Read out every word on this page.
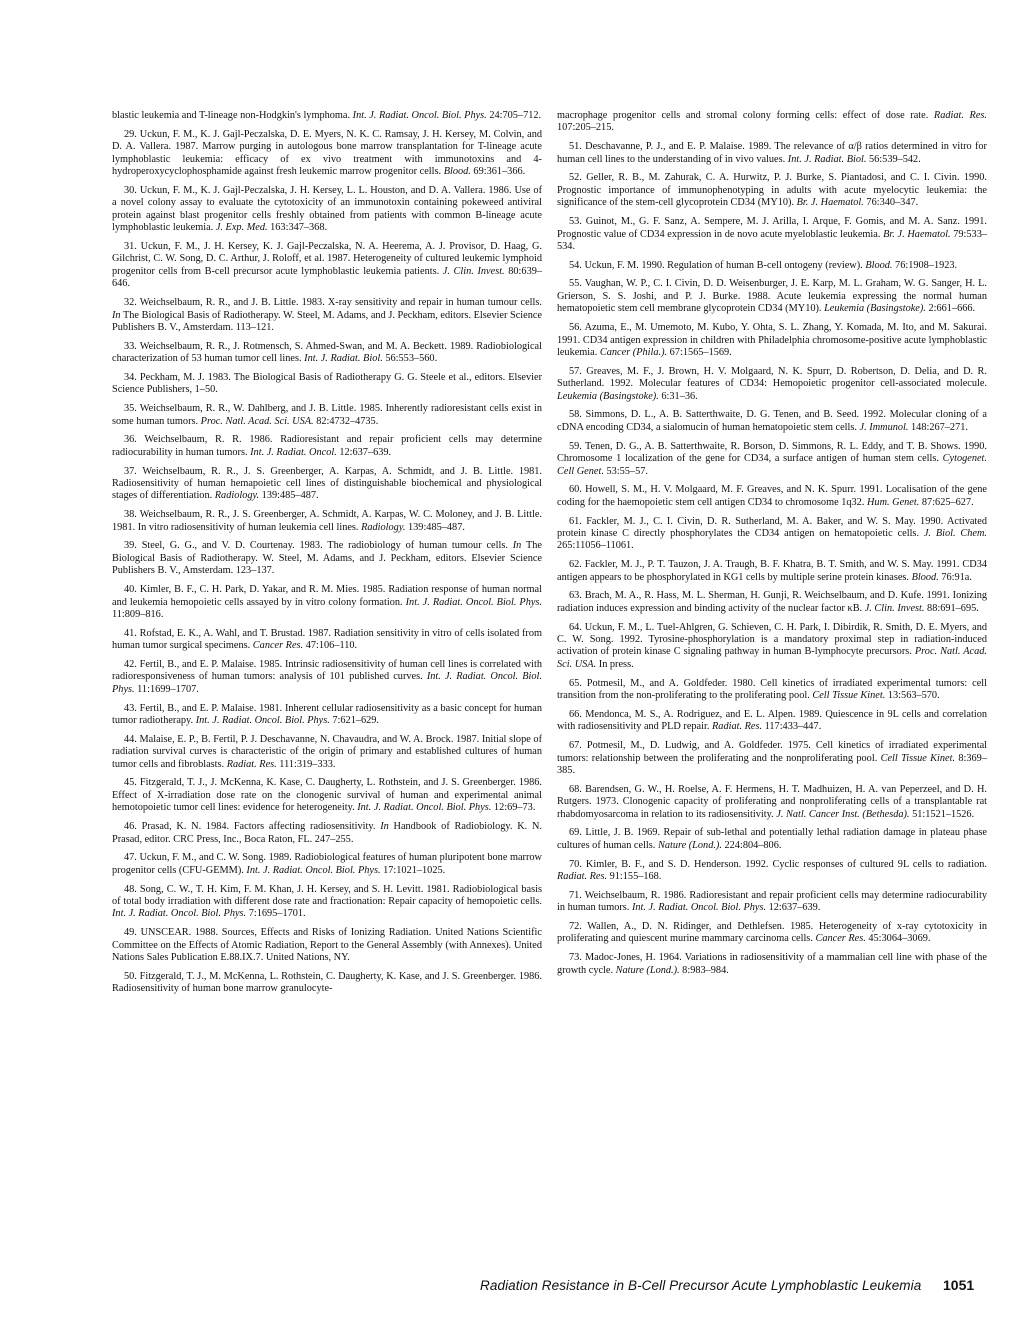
blastic leukemia and T-lineage non-Hodgkin's lymphoma. Int. J. Radiat. Oncol. Biol. Phys. 24:705–712.

29. Uckun, F. M., K. J. Gajl-Peczalska, D. E. Myers, N. K. C. Ramsay, J. H. Kersey, M. Colvin, and D. A. Vallera. 1987. Marrow purging in autologous bone marrow transplantation for T-lineage acute lymphoblastic leukemia: efficacy of ex vivo treatment with immunotoxins and 4-hydroperoxycyclophosphamide against fresh leukemic marrow progenitor cells. Blood. 69:361–366.

30. Uckun, F. M., K. J. Gajl-Peczalska, J. H. Kersey, L. L. Houston, and D. A. Vallera. 1986. Use of a novel colony assay to evaluate the cytotoxicity of an immunotoxin containing pokeweed antiviral protein against blast progenitor cells freshly obtained from patients with common B-lineage acute lymphoblastic leukemia. J. Exp. Med. 163:347–368.

31. Uckun, F. M., J. H. Kersey, K. J. Gajl-Peczalska, N. A. Heerema, A. J. Provisor, D. Haag, G. Gilchrist, C. W. Song, D. C. Arthur, J. Roloff, et al. 1987. Heterogeneity of cultured leukemic lymphoid progenitor cells from B-cell precursor acute lymphoblastic leukemia patients. J. Clin. Invest. 80:639–646.

32. Weichselbaum, R. R., and J. B. Little. 1983. X-ray sensitivity and repair in human tumour cells. In The Biological Basis of Radiotherapy. W. Steel, M. Adams, and J. Peckham, editors. Elsevier Science Publishers B. V., Amsterdam. 113–121.

33. Weichselbaum, R. R., J. Rotmensch, S. Ahmed-Swan, and M. A. Beckett. 1989. Radiobiological characterization of 53 human tumor cell lines. Int. J. Radiat. Biol. 56:553–560.

34. Peckham, M. J. 1983. The Biological Basis of Radiotherapy G. G. Steele et al., editors. Elsevier Science Publishers, 1–50.

35. Weichselbaum, R. R., W. Dahlberg, and J. B. Little. 1985. Inherently radioresistant cells exist in some human tumors. Proc. Natl. Acad. Sci. USA. 82:4732–4735.

36. Weichselbaum, R. R. 1986. Radioresistant and repair proficient cells may determine radiocurability in human tumors. Int. J. Radiat. Oncol. 12:637–639.

37. Weichselbaum, R. R., J. S. Greenberger, A. Karpas, A. Schmidt, and J. B. Little. 1981. Radiosensitivity of human hemapoietic cell lines of distinguishable biochemical and physiological stages of differentiation. Radiology. 139:485–487.

38. Weichselbaum, R. R., J. S. Greenberger, A. Schmidt, A. Karpas, W. C. Moloney, and J. B. Little. 1981. In vitro radiosensitivity of human leukemia cell lines. Radiology. 139:485–487.

39. Steel, G. G., and V. D. Courtenay. 1983. The radiobiology of human tumour cells. In The Biological Basis of Radiotherapy. W. Steel, M. Adams, and J. Peckham, editors. Elsevier Science Publishers B. V., Amsterdam. 123–137.

40. Kimler, B. F., C. H. Park, D. Yakar, and R. M. Mies. 1985. Radiation response of human normal and leukemia hemopoietic cells assayed by in vitro colony formation. Int. J. Radiat. Oncol. Biol. Phys. 11:809–816.

41. Rofstad, E. K., A. Wahl, and T. Brustad. 1987. Radiation sensitivity in vitro of cells isolated from human tumor surgical specimens. Cancer Res. 47:106–110.

42. Fertil, B., and E. P. Malaise. 1985. Intrinsic radiosensitivity of human cell lines is correlated with radioresponsiveness of human tumors: analysis of 101 published curves. Int. J. Radiat. Oncol. Biol. Phys. 11:1699–1707.

43. Fertil, B., and E. P. Malaise. 1981. Inherent cellular radiosensitivity as a basic concept for human tumor radiotherapy. Int. J. Radiat. Oncol. Biol. Phys. 7:621–629.

44. Malaise, E. P., B. Fertil, P. J. Deschavanne, N. Chavaudra, and W. A. Brock. 1987. Initial slope of radiation survival curves is characteristic of the origin of primary and established cultures of human tumor cells and fibroblasts. Radiat. Res. 111:319–333.

45. Fitzgerald, T. J., J. McKenna, K. Kase, C. Daugherty, L. Rothstein, and J. S. Greenberger. 1986. Effect of X-irradiation dose rate on the clonogenic survival of human and experimental animal hemotopoietic tumor cell lines: evidence for heterogeneity. Int. J. Radiat. Oncol. Biol. Phys. 12:69–73.

46. Prasad, K. N. 1984. Factors affecting radiosensitivity. In Handbook of Radiobiology. K. N. Prasad, editor. CRC Press, Inc., Boca Raton, FL. 247–255.

47. Uckun, F. M., and C. W. Song. 1989. Radiobiological features of human pluripotent bone marrow progenitor cells (CFU-GEMM). Int. J. Radiat. Oncol. Biol. Phys. 17:1021–1025.

48. Song, C. W., T. H. Kim, F. M. Khan, J. H. Kersey, and S. H. Levitt. 1981. Radiobiological basis of total body irradiation with different dose rate and fractionation: Repair capacity of hemopoietic cells. Int. J. Radiat. Oncol. Biol. Phys. 7:1695–1701.

49. UNSCEAR. 1988. Sources, Effects and Risks of Ionizing Radiation. United Nations Scientific Committee on the Effects of Atomic Radiation, Report to the General Assembly (with Annexes). United Nations Sales Publication E.88.IX.7. United Nations, NY.

50. Fitzgerald, T. J., M. McKenna, L. Rothstein, C. Daugherty, K. Kase, and J. S. Greenberger. 1986. Radiosensitivity of human bone marrow granulocyte-

macrophage progenitor cells and stromal colony forming cells: effect of dose rate. Radiat. Res. 107:205–215.

51. Deschavanne, P. J., and E. P. Malaise. 1989. The relevance of α/β ratios determined in vitro for human cell lines to the understanding of in vivo values. Int. J. Radiat. Biol. 56:539–542.

52. Geller, R. B., M. Zahurak, C. A. Hurwitz, P. J. Burke, S. Piantadosi, and C. I. Civin. 1990. Prognostic importance of immunophenotyping in adults with acute myelocytic leukemia: the significance of the stem-cell glycoprotein CD34 (MY10). Br. J. Haematol. 76:340–347.

53. Guinot, M., G. F. Sanz, A. Sempere, M. J. Arilla, I. Arque, F. Gomis, and M. A. Sanz. 1991. Prognostic value of CD34 expression in de novo acute myeloblastic leukemia. Br. J. Haematol. 79:533–534.

54. Uckun, F. M. 1990. Regulation of human B-cell ontogeny (review). Blood. 76:1908–1923.

55. Vaughan, W. P., C. I. Civin, D. D. Weisenburger, J. E. Karp, M. L. Graham, W. G. Sanger, H. L. Grierson, S. S. Joshi, and P. J. Burke. 1988. Acute leukemia expressing the normal human hematopoietic stem cell membrane glycoprotein CD34 (MY10). Leukemia (Basingstoke). 2:661–666.

56. Azuma, E., M. Umemoto, M. Kubo, Y. Ohta, S. L. Zhang, Y. Komada, M. Ito, and M. Sakurai. 1991. CD34 antigen expression in children with Philadelphia chromosome-positive acute lymphoblastic leukemia. Cancer (Phila.). 67:1565–1569.

57. Greaves, M. F., J. Brown, H. V. Molgaard, N. K. Spurr, D. Robertson, D. Delia, and D. R. Sutherland. 1992. Molecular features of CD34: Hemopoietic progenitor cell-associated molecule. Leukemia (Basingstoke). 6:31–36.

58. Simmons, D. L., A. B. Satterthwaite, D. G. Tenen, and B. Seed. 1992. Molecular cloning of a cDNA encoding CD34, a sialomucin of human hematopoietic stem cells. J. Immunol. 148:267–271.

59. Tenen, D. G., A. B. Satterthwaite, R. Borson, D. Simmons, R. L. Eddy, and T. B. Shows. 1990. Chromosome 1 localization of the gene for CD34, a surface antigen of human stem cells. Cytogenet. Cell Genet. 53:55–57.

60. Howell, S. M., H. V. Molgaard, M. F. Greaves, and N. K. Spurr. 1991. Localisation of the gene coding for the haemopoietic stem cell antigen CD34 to chromosome 1q32. Hum. Genet. 87:625–627.

61. Fackler, M. J., C. I. Civin, D. R. Sutherland, M. A. Baker, and W. S. May. 1990. Activated protein kinase C directly phosphorylates the CD34 antigen on hematopoietic cells. J. Biol. Chem. 265:11056–11061.

62. Fackler, M. J., P. T. Tauzon, J. A. Traugh, B. F. Khatra, B. T. Smith, and W. S. May. 1991. CD34 antigen appears to be phosphorylated in KG1 cells by multiple serine protein kinases. Blood. 76:91a.

63. Brach, M. A., R. Hass, M. L. Sherman, H. Gunji, R. Weichselbaum, and D. Kufe. 1991. Ionizing radiation induces expression and binding activity of the nuclear factor κB. J. Clin. Invest. 88:691–695.

64. Uckun, F. M., L. Tuel-Ahlgren, G. Schieven, C. H. Park, I. Dibirdik, R. Smith, D. E. Myers, and C. W. Song. 1992. Tyrosine-phosphorylation is a mandatory proximal step in radiation-induced activation of protein kinase C signaling pathway in human B-lymphocyte precursors. Proc. Natl. Acad. Sci. USA. In press.

65. Potmesil, M., and A. Goldfeder. 1980. Cell kinetics of irradiated experimental tumors: cell transition from the non-proliferating to the proliferating pool. Cell Tissue Kinet. 13:563–570.

66. Mendonca, M. S., A. Rodriguez, and E. L. Alpen. 1989. Quiescence in 9L cells and correlation with radiosensitivity and PLD repair. Radiat. Res. 117:433–447.

67. Potmesil, M., D. Ludwig, and A. Goldfeder. 1975. Cell kinetics of irradiated experimental tumors: relationship between the proliferating and the nonproliferating pool. Cell Tissue Kinet. 8:369–385.

68. Barendsen, G. W., H. Roelse, A. F. Hermens, H. T. Madhuizen, H. A. van Peperzeel, and D. H. Rutgers. 1973. Clonogenic capacity of proliferating and nonproliferating cells of a transplantable rat rhabdomyosarcoma in relation to its radiosensitivity. J. Natl. Cancer Inst. (Bethesda). 51:1521–1526.

69. Little, J. B. 1969. Repair of sub-lethal and potentially lethal radiation damage in plateau phase cultures of human cells. Nature (Lond.). 224:804–806.

70. Kimler, B. F., and S. D. Henderson. 1992. Cyclic responses of cultured 9L cells to radiation. Radiat. Res. 91:155–168.

71. Weichselbaum, R. 1986. Radioresistant and repair proficient cells may determine radiocurability in human tumors. Int. J. Radiat. Oncol. Biol. Phys. 12:637–639.

72. Wallen, A., D. N. Ridinger, and Dethlefsen. 1985. Heterogeneity of x-ray cytotoxicity in proliferating and quiescent murine mammary carcinoma cells. Cancer Res. 45:3064–3069.

73. Madoc-Jones, H. 1964. Variations in radiosensitivity of a mammalian cell line with phase of the growth cycle. Nature (Lond.). 8:983–984.

Radiation Resistance in B-Cell Precursor Acute Lymphoblastic Leukemia 1051
